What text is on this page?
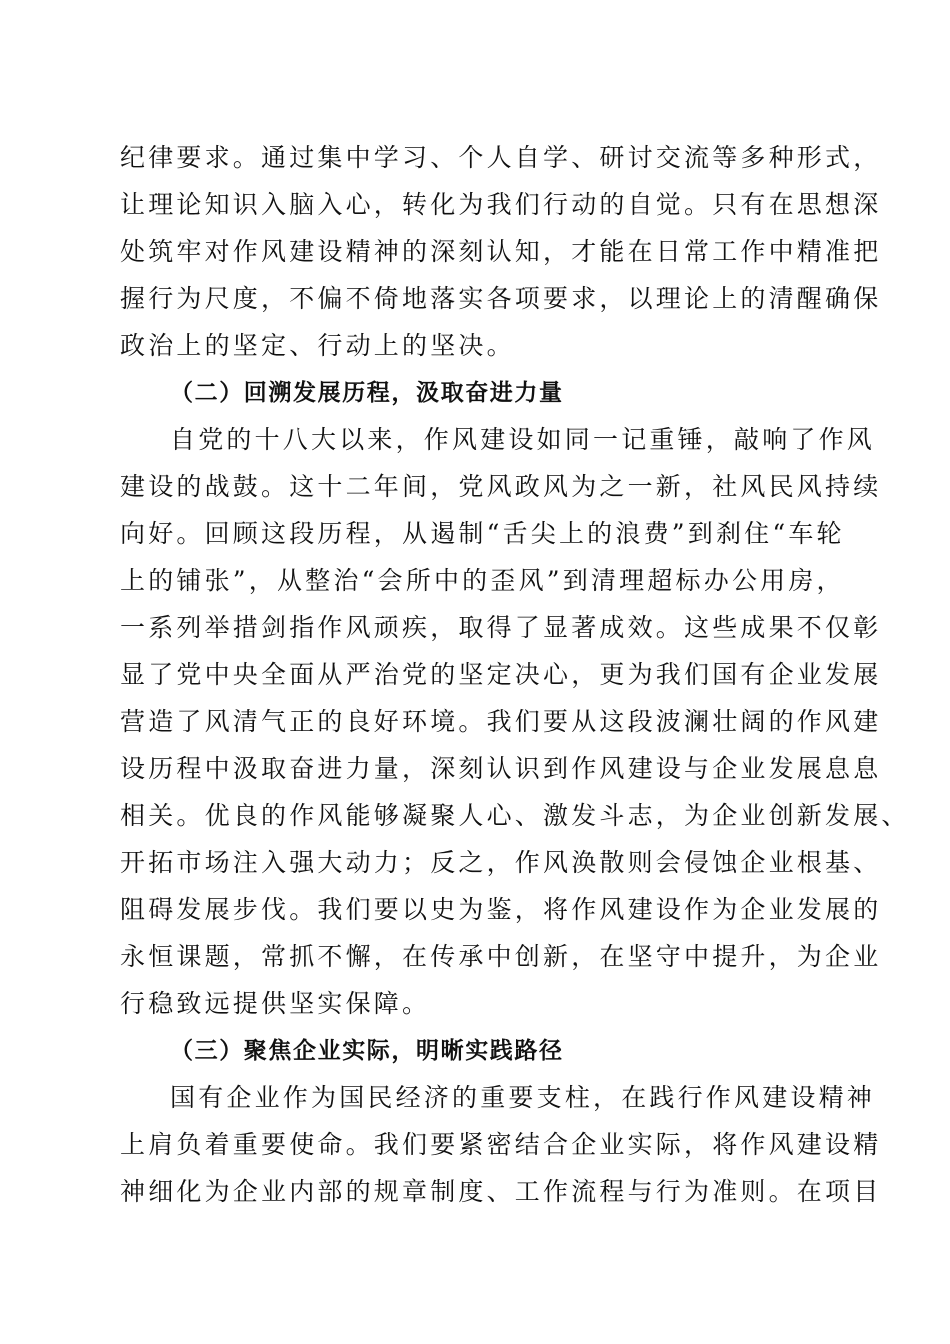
纪律要求。通过集中学习、个人自学、研讨交流等多种形式，
让理论知识入脑入心，转化为我们行动的自觉。只有在思想深
处筑牢对作风建设精神的深刻认知，才能在日常工作中精准把
握行为尺度，不偏不倚地落实各项要求，以理论上的清醒确保
政治上的坚定、行动上的坚决。
（二）回溯发展历程，汲取奋进力量
自党的十八大以来，作风建设如同一记重锤，敲响了作风
建设的战鼓。这十二年间，党风政风为之一新，社风民风持续
向好。回顾这段历程，从遏制“舌尖上的浪费”到刹住“车轮
上的铺张”，从整治“会所中的歪风”到清理超标办公用房，
一系列举措剑指作风顽疾，取得了显著成效。这些成果不仅彰
显了党中央全面从严治党的坚定决心，更为我们国有企业发展
营造了风清气正的良好环境。我们要从这段波澜壮阔的作风建
设历程中汲取奋进力量，深刻认识到作风建设与企业发展息息
相关。优良的作风能够凝聚人心、激发斗志，为企业创新发展、
开拓市场注入强大动力；反之，作风涣散则会侵蚀企业根基、
阻碍发展步伐。我们要以史为鉴，将作风建设作为企业发展的
永恒课题，常抓不懈，在传承中创新，在坚守中提升，为企业
行稳致远提供坚实保障。
（三）聚焦企业实际，明晰实践路径
国有企业作为国民经济的重要支柱，在践行作风建设精神
上肩负着重要使命。我们要紧密结合企业实际，将作风建设精
神细化为企业内部的规章制度、工作流程与行为准则。在项目
